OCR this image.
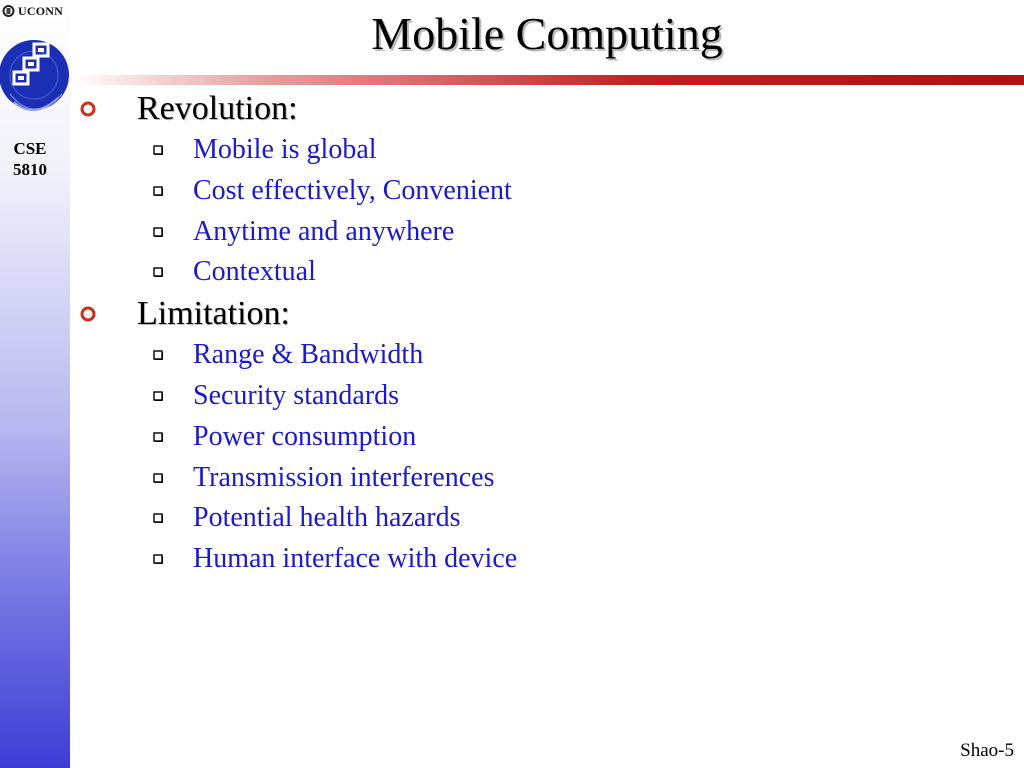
UCONN
CSE
5810
Mobile Computing
Revolution:
Mobile is global
Cost effectively, Convenient
Anytime and anywhere
Contextual
Limitation:
Range & Bandwidth
Security standards
Power consumption
Transmission interferences
Potential health hazards
Human interface with device
Shao-5
